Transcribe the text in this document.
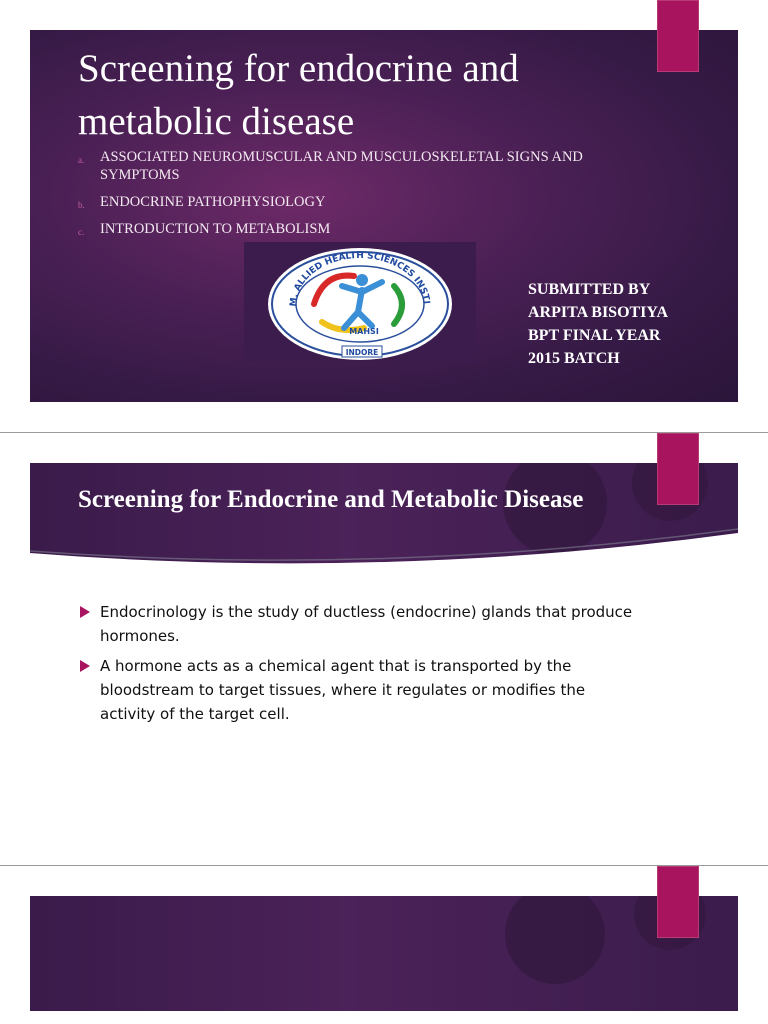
Screening for endocrine and metabolic disease
a. ASSOCIATED NEUROMUSCULAR AND MUSCULOSKELETAL SIGNS AND SYMPTOMS
b. ENDOCRINE PATHOPHYSIOLOGY
c. INTRODUCTION TO METABOLISM
M. ALLIED HEALTH SCIENCES INSTI
MAHSI
INDORE
SUBMITTED BY
ARPITA BISOTIYA
BPT FINAL YEAR
2015 BATCH
Screening for Endocrine and Metabolic Disease
Endocrinology is the study of ductless (endocrine) glands that produce hormones.
A hormone acts as a chemical agent that is transported by the bloodstream to target tissues, where it regulates or modifies the activity of the target cell.
